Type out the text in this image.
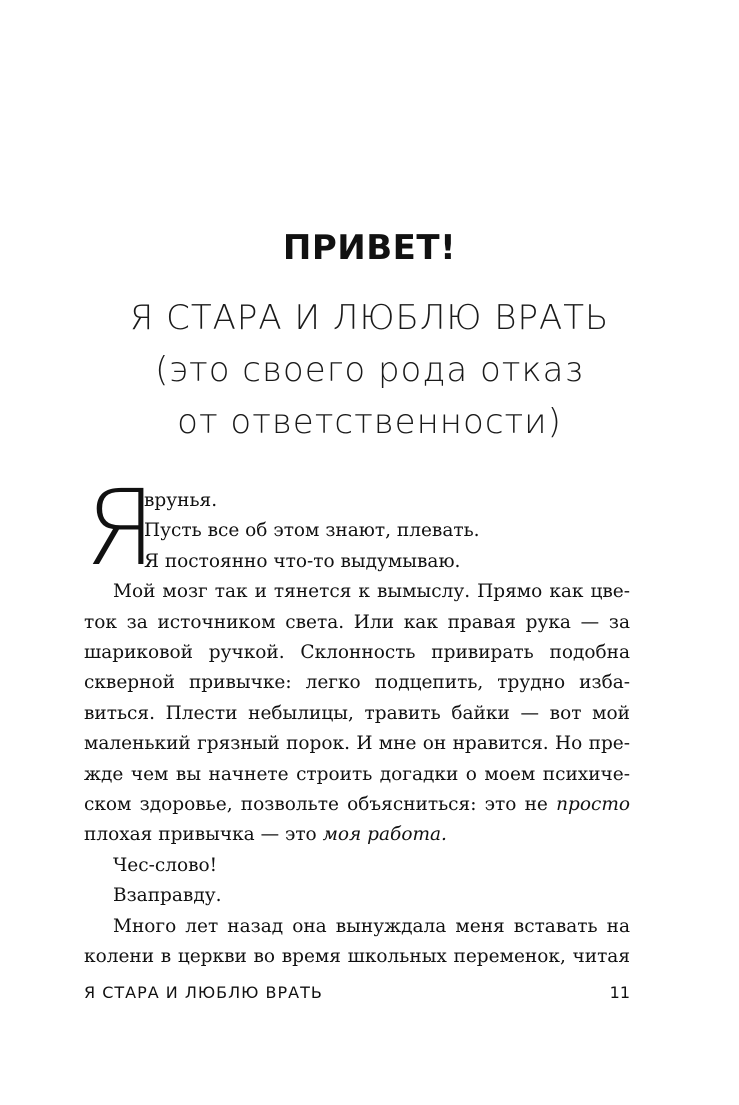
ПРИВЕТ!
Я СТАРА И ЛЮБЛЮ ВРАТЬ
(это своего рода отказ
от ответственности)
Я
врунья.
Пусть все об этом знают, плевать.
Я постоянно что-то выдумываю.
Мой мозг так и тянется к вымыслу. Прямо как цве-
ток за источником света. Или как правая рука — за
шариковой ручкой. Склонность привирать подобна
скверной привычке: легко подцепить, трудно изба-
виться. Плести небылицы, травить байки — вот мой
маленький грязный порок. И мне он нравится. Но пре-
жде чем вы начнете строить догадки о моем психиче-
ском здоровье, позвольте объясниться: это не просто
плохая привычка — это моя работа.
Чес-слово!
Взаправду.
Много лет назад она вынуждала меня вставать на
колени в церкви во время школьных переменок, читая
Я СТАРА И ЛЮБЛЮ ВРАТЬ	11
